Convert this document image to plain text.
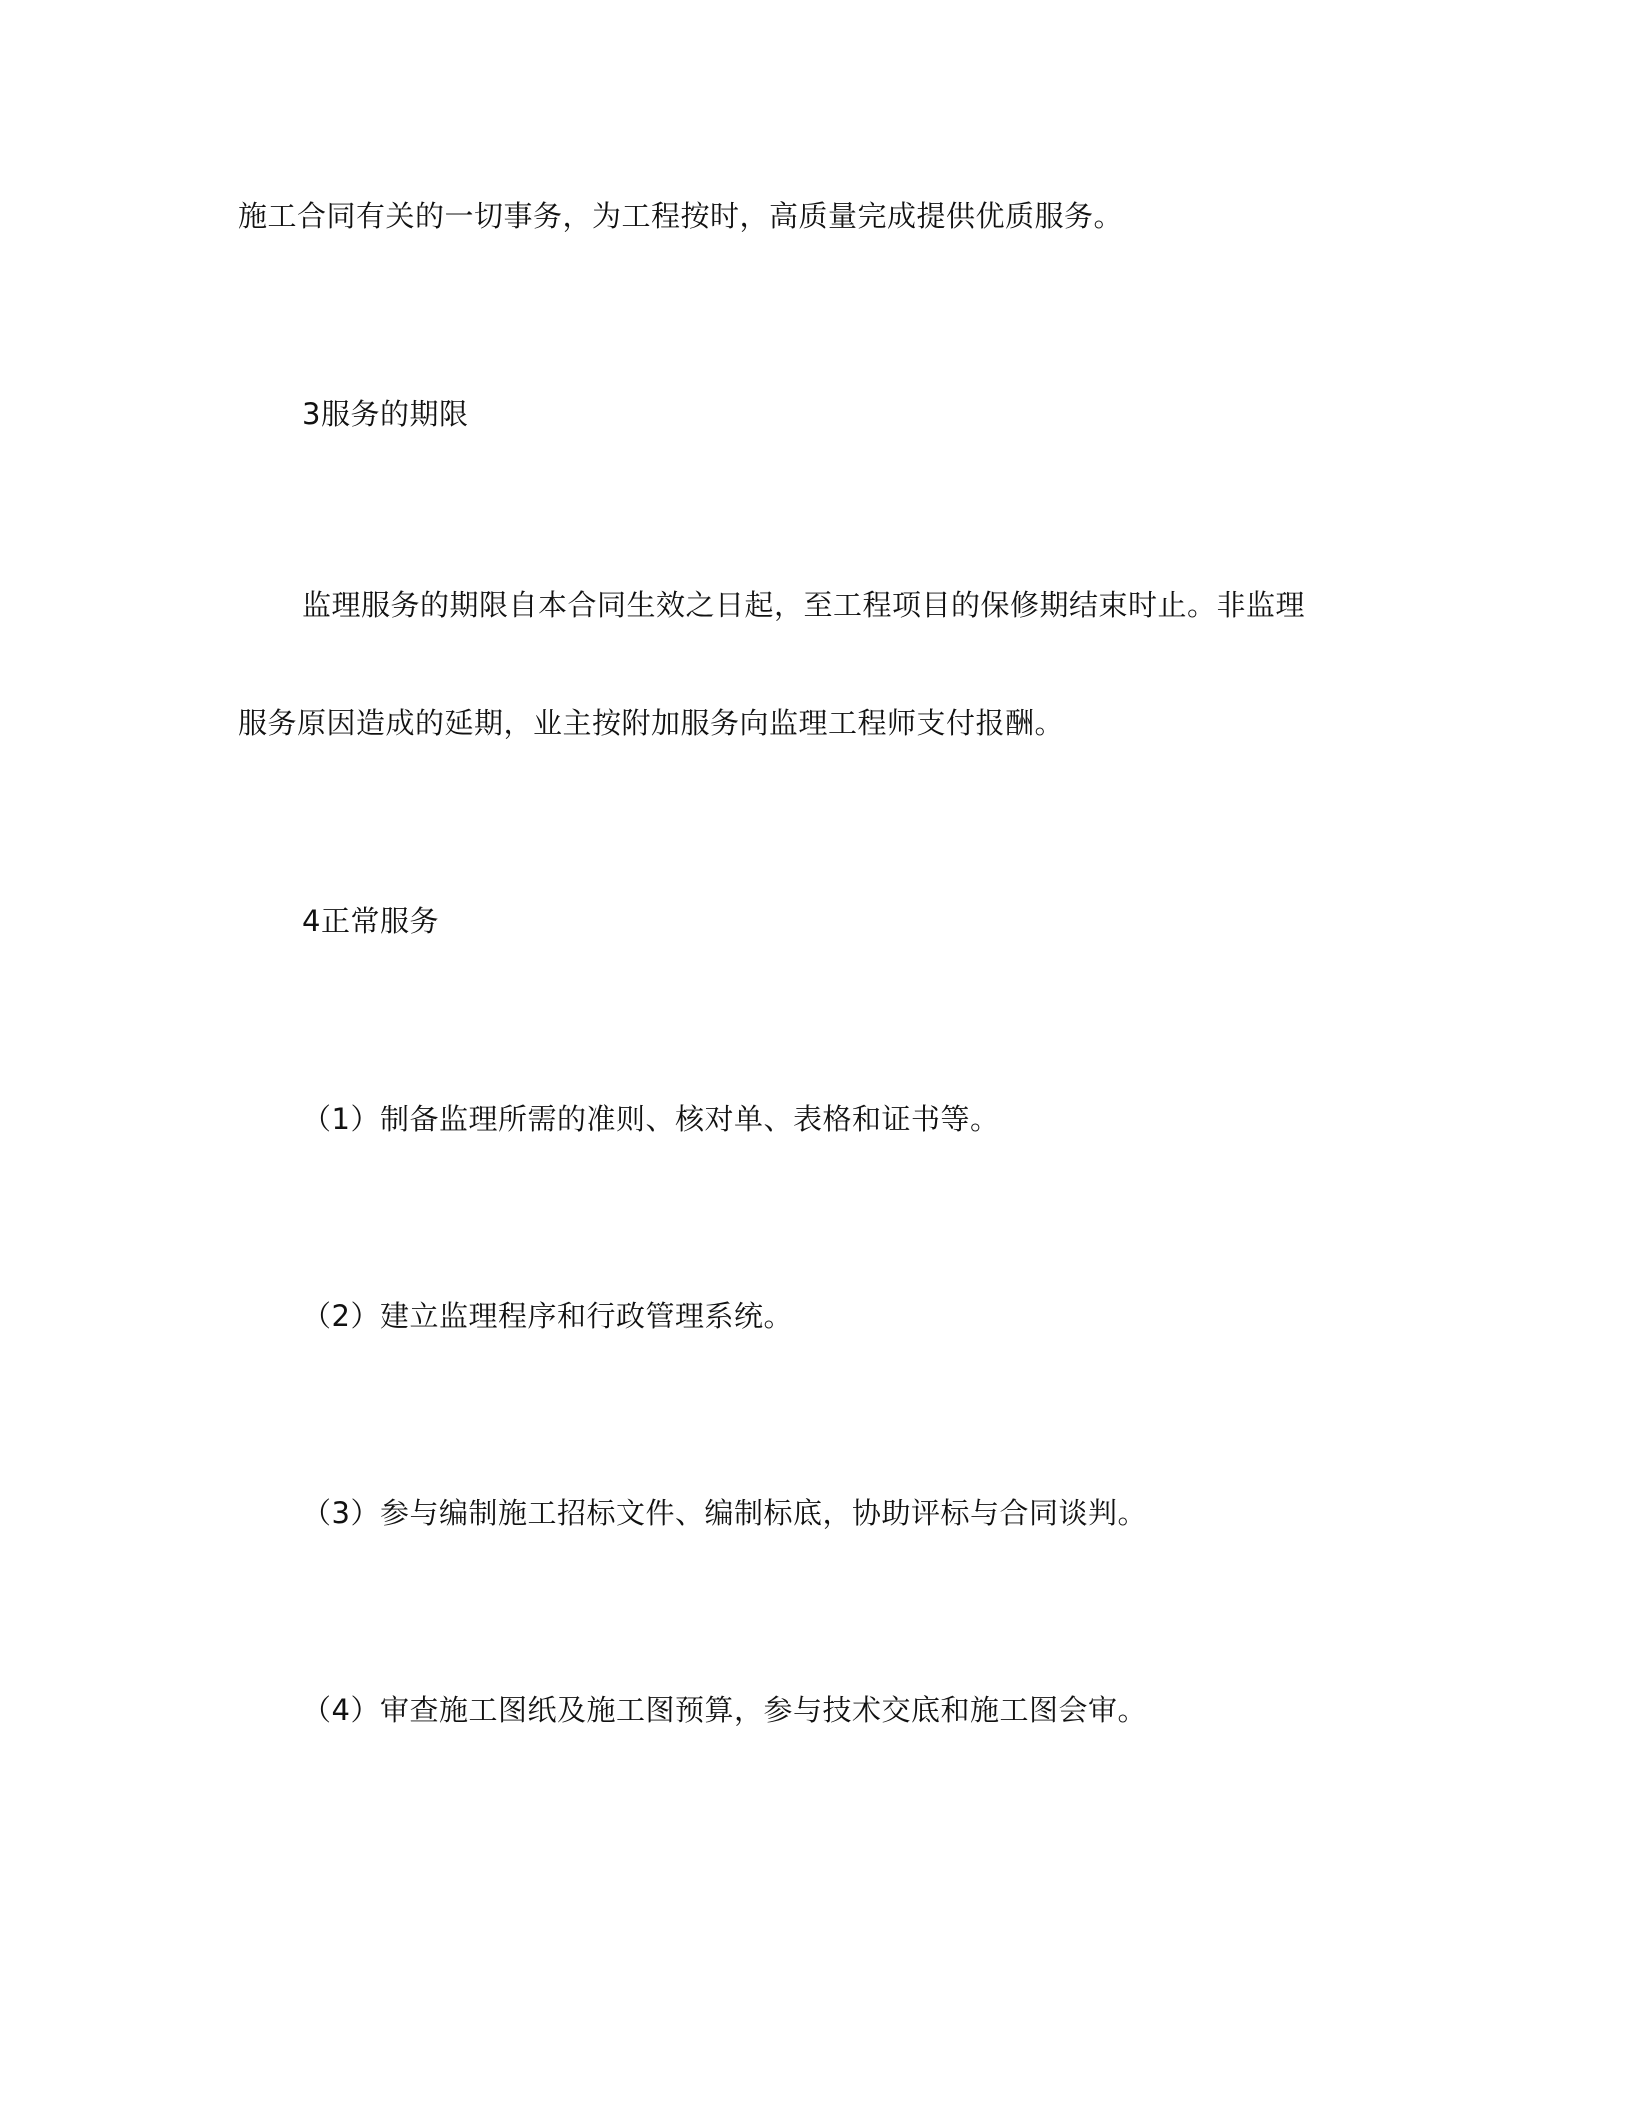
施工合同有关的一切事务，为工程按时，高质量完成提供优质服务。
3服务的期限
监理服务的期限自本合同生效之日起，至工程项目的保修期结束时止。非监理
服务原因造成的延期，业主按附加服务向监理工程师支付报酬。
4正常服务
（1）制备监理所需的准则、核对单、表格和证书等。
（2）建立监理程序和行政管理系统。
（3）参与编制施工招标文件、编制标底，协助评标与合同谈判。
（4）审查施工图纸及施工图预算，参与技术交底和施工图会审。
